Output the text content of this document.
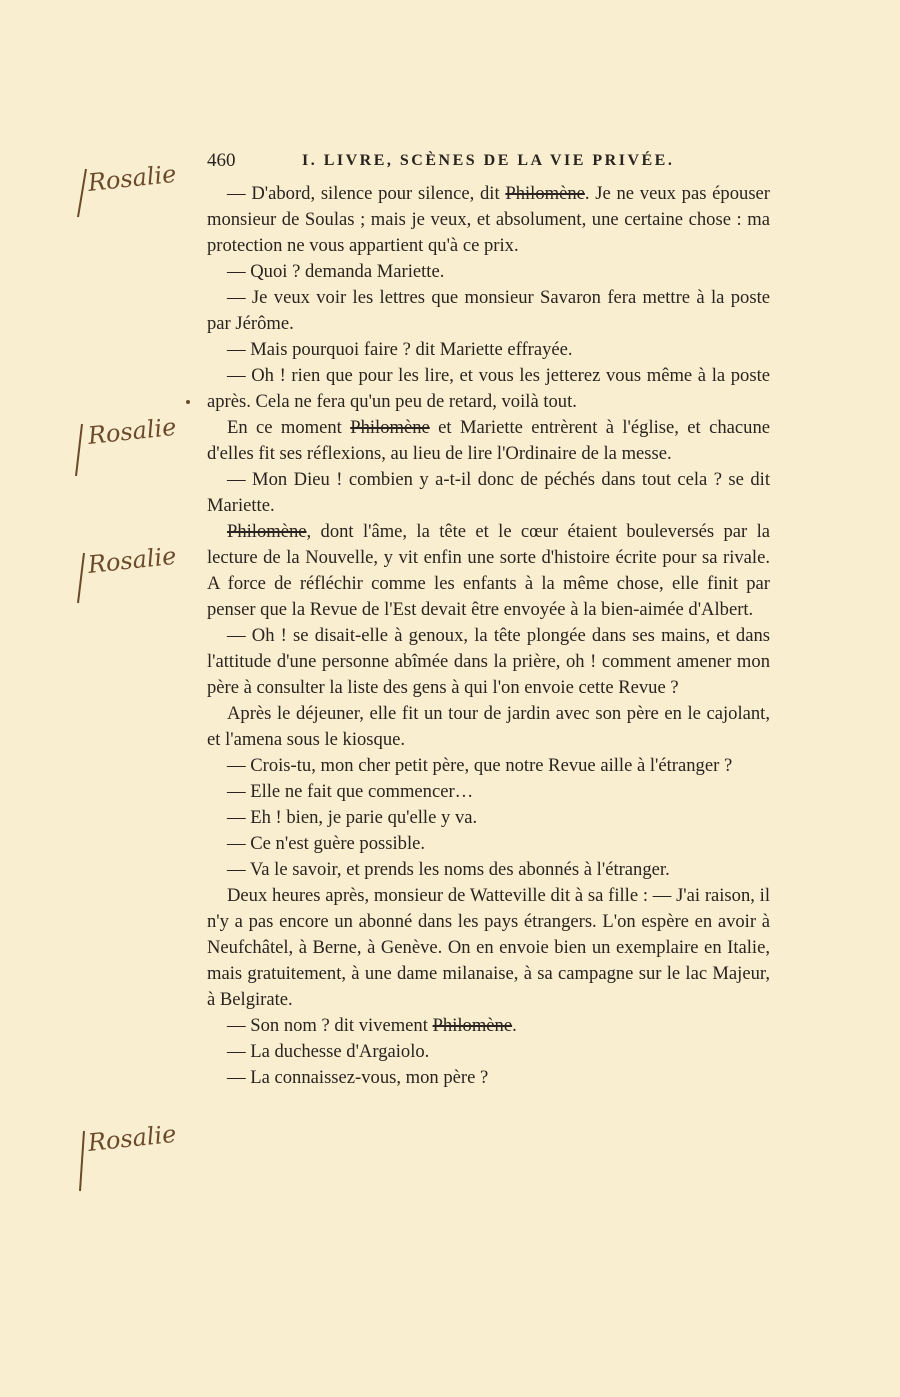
460	I. LIVRE, SCÈNES DE LA VIE PRIVÉE.

— D'abord, silence pour silence, dit Philomène. Je ne veux pas épouser monsieur de Soulas ; mais je veux, et absolument, une certaine chose : ma protection ne vous appartient qu'à ce prix.

— Quoi ? demanda Mariette.

— Je veux voir les lettres que monsieur Savaron fera mettre à la poste par Jérôme.

— Mais pourquoi faire ? dit Mariette effrayée.

— Oh ! rien que pour les lire, et vous les jetterez vous même à la poste après. Cela ne fera qu'un peu de retard, voilà tout.

En ce moment Philomène et Mariette entrèrent à l'église, et chacune d'elles fit ses réflexions, au lieu de lire l'Ordinaire de la messe.

— Mon Dieu ! combien y a-t-il donc de péchés dans tout cela ? se dit Mariette.

Philomène, dont l'âme, la tête et le cœur étaient bouleversés par la lecture de la Nouvelle, y vit enfin une sorte d'histoire écrite pour sa rivale. A force de réfléchir comme les enfants à la même chose, elle finit par penser que la Revue de l'Est devait être envoyée à la bien-aimée d'Albert.

— Oh ! se disait-elle à genoux, la tête plongée dans ses mains, et dans l'attitude d'une personne abîmée dans la prière, oh ! comment amener mon père à consulter la liste des gens à qui l'on envoie cette Revue ?

Après le déjeuner, elle fit un tour de jardin avec son père en le cajolant, et l'amena sous le kiosque.

— Crois-tu, mon cher petit père, que notre Revue aille à l'étranger ?

— Elle ne fait que commencer…

— Eh ! bien, je parie qu'elle y va.

— Ce n'est guère possible.

— Va le savoir, et prends les noms des abonnés à l'étranger.

Deux heures après, monsieur de Watteville dit à sa fille : — J'ai raison, il n'y a pas encore un abonné dans les pays étrangers. L'on espère en avoir à Neufchâtel, à Berne, à Genève. On en envoie bien un exemplaire en Italie, mais gratuitement, à une dame milanaise, à sa campagne sur le lac Majeur, à Belgirate.

— Son nom ? dit vivement Philomène.

— La duchesse d'Argaiolo.

— La connaissez-vous, mon père ?

Rosalie
Rosalie
Rosalie
Rosalie
